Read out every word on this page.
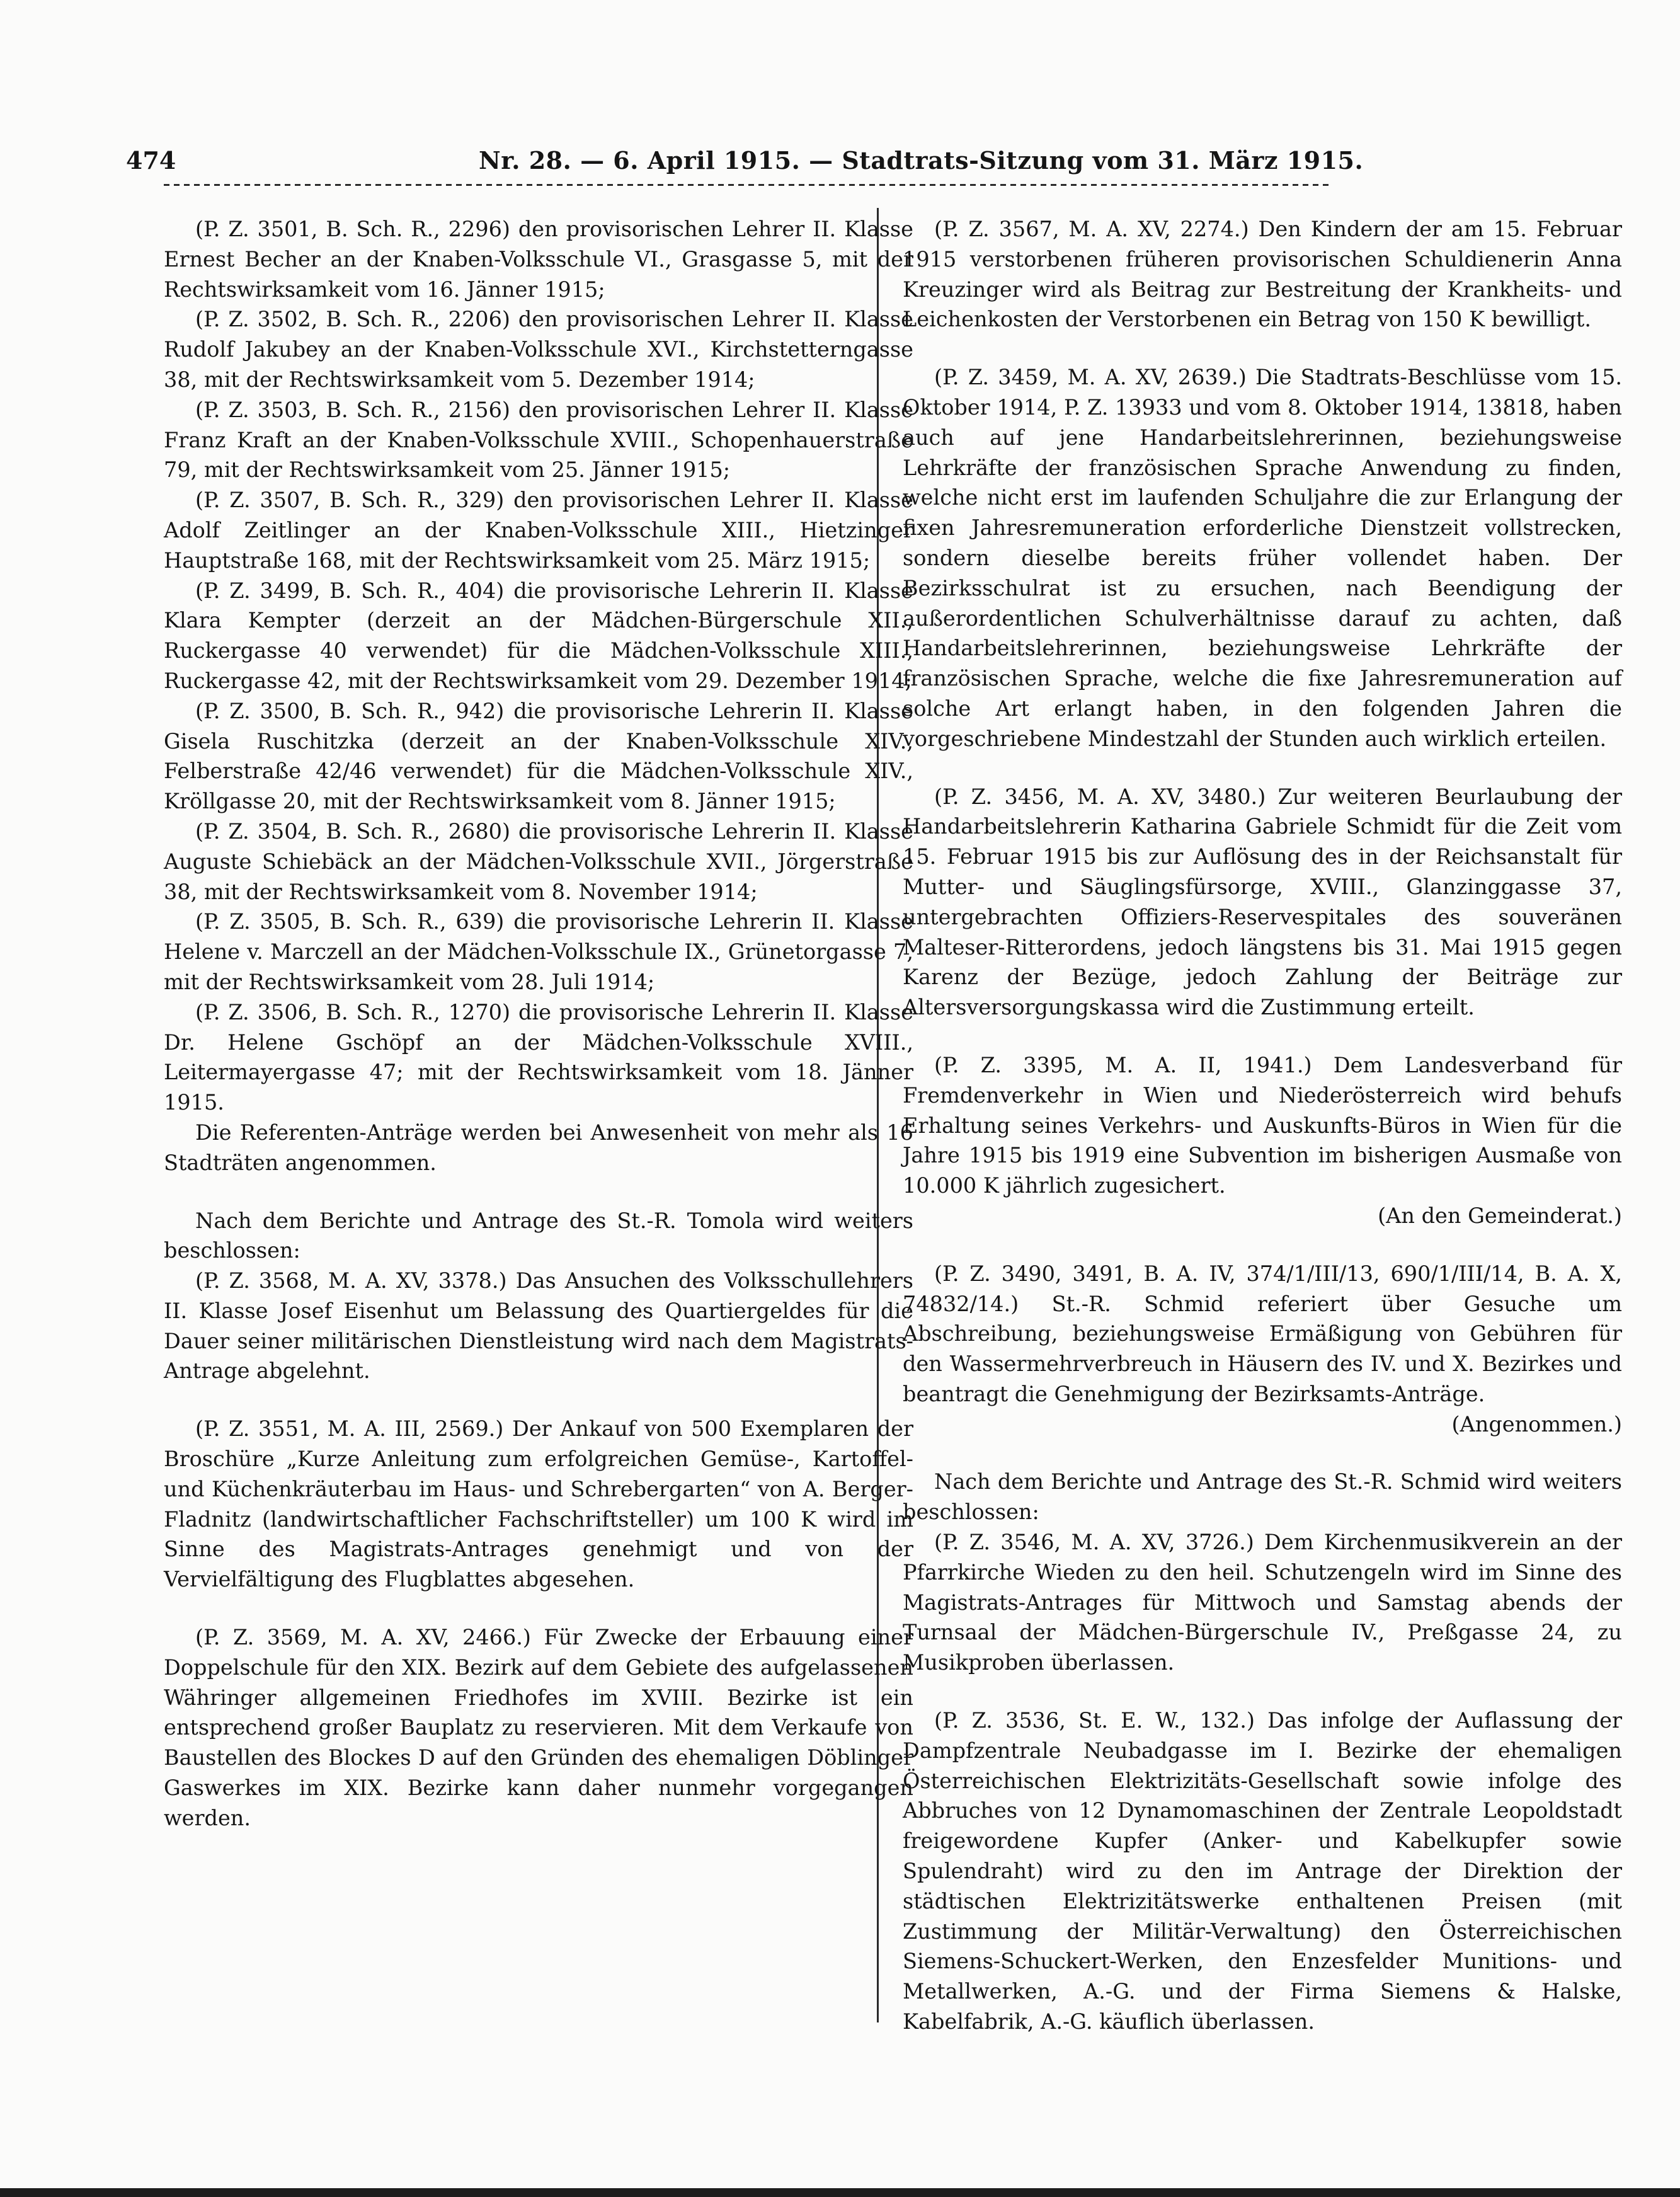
474	Nr. 28. — 6. April 1915. — Stadtrats-Sitzung vom 31. März 1915.

(P. Z. 3501, B. Sch. R., 2296) den provisorischen Lehrer II. Klasse Ernest Becher an der Knaben-Volksschule VI., Grasgasse 5, mit der Rechtswirksamkeit vom 16. Jänner 1915;

(P. Z. 3502, B. Sch. R., 2206) den provisorischen Lehrer II. Klasse Rudolf Jakubey an der Knaben-Volksschule XVI., Kirchstetterngasse 38, mit der Rechtswirksamkeit vom 5. Dezember 1914;

(P. Z. 3503, B. Sch. R., 2156) den provisorischen Lehrer II. Klasse Franz Kraft an der Knaben-Volksschule XVIII., Schopenhauerstraße 79, mit der Rechtswirksamkeit vom 25. Jänner 1915;

(P. Z. 3507, B. Sch. R., 329) den provisorischen Lehrer II. Klasse Adolf Zeitlinger an der Knaben-Volksschule XIII., Hietzinger Hauptstraße 168, mit der Rechtswirksamkeit vom 25. März 1915;

(P. Z. 3499, B. Sch. R., 404) die provisorische Lehrerin II. Klasse Klara Kempter (derzeit an der Mädchen-Bürgerschule XII., Ruckergasse 40 verwendet) für die Mädchen-Volksschule XIII., Ruckergasse 42, mit der Rechtswirksamkeit vom 29. Dezember 1914;

(P. Z. 3500, B. Sch. R., 942) die provisorische Lehrerin II. Klasse Gisela Ruschitzka (derzeit an der Knaben-Volksschule XIV., Felberstraße 42/46 verwendet) für die Mädchen-Volksschule XIV., Kröllgasse 20, mit der Rechtswirksamkeit vom 8. Jänner 1915;

(P. Z. 3504, B. Sch. R., 2680) die provisorische Lehrerin II. Klasse Auguste Schiebäck an der Mädchen-Volksschule XVII., Jörgerstraße 38, mit der Rechtswirksamkeit vom 8. November 1914;

(P. Z. 3505, B. Sch. R., 639) die provisorische Lehrerin II. Klasse Helene v. Marczell an der Mädchen-Volksschule IX., Grünetorgasse 7, mit der Rechtswirksamkeit vom 28. Juli 1914;

(P. Z. 3506, B. Sch. R., 1270) die provisorische Lehrerin II. Klasse Dr. Helene Gschöpf an der Mädchen-Volksschule XVIII., Leitermayergasse 47; mit der Rechtswirksamkeit vom 18. Jänner 1915.

Die Referenten-Anträge werden bei Anwesenheit von mehr als 16 Stadträten angenommen.

Nach dem Berichte und Antrage des St.-R. Tomola wird weiters beschlossen:

(P. Z. 3568, M. A. XV, 3378.) Das Ansuchen des Volksschullehrers II. Klasse Josef Eisenhut um Belassung des Quartiergeldes für die Dauer seiner militärischen Dienstleistung wird nach dem Magistrats-Antrage abgelehnt.

(P. Z. 3551, M. A. III, 2569.) Der Ankauf von 500 Exemplaren der Broschüre „Kurze Anleitung zum erfolgreichen Gemüse-, Kartoffel- und Küchenkräuterbau im Haus- und Schrebergarten“ von A. Berger-Fladnitz (landwirtschaftlicher Fachschriftsteller) um 100 K wird im Sinne des Magistrats-Antrages genehmigt und von der Vervielfältigung des Flugblattes abgesehen.

(P. Z. 3569, M. A. XV, 2466.) Für Zwecke der Erbauung einer Doppelschule für den XIX. Bezirk auf dem Gebiete des aufgelassenen Währinger allgemeinen Friedhofes im XVIII. Bezirke ist ein entsprechend großer Bauplatz zu reservieren. Mit dem Verkaufe von Baustellen des Blockes D auf den Gründen des ehemaligen Döblinger Gaswerkes im XIX. Bezirke kann daher nunmehr vorgegangen werden.

(P. Z. 3567, M. A. XV, 2274.) Den Kindern der am 15. Februar 1915 verstorbenen früheren provisorischen Schuldienerin Anna Kreuzinger wird als Beitrag zur Bestreitung der Krankheits- und Leichenkosten der Verstorbenen ein Betrag von 150 K bewilligt.

(P. Z. 3459, M. A. XV, 2639.) Die Stadtrats-Beschlüsse vom 15. Oktober 1914, P. Z. 13933 und vom 8. Oktober 1914, 13818, haben auch auf jene Handarbeitslehrerinnen, beziehungsweise Lehrkräfte der französischen Sprache Anwendung zu finden, welche nicht erst im laufenden Schuljahre die zur Erlangung der fixen Jahresremuneration erforderliche Dienstzeit vollstrecken, sondern dieselbe bereits früher vollendet haben. Der Bezirksschulrat ist zu ersuchen, nach Beendigung der außerordentlichen Schulverhältnisse darauf zu achten, daß Handarbeitslehrerinnen, beziehungsweise Lehrkräfte der französischen Sprache, welche die fixe Jahresremuneration auf solche Art erlangt haben, in den folgenden Jahren die vorgeschriebene Mindestzahl der Stunden auch wirklich erteilen.

(P. Z. 3456, M. A. XV, 3480.) Zur weiteren Beurlaubung der Handarbeitslehrerin Katharina Gabriele Schmidt für die Zeit vom 15. Februar 1915 bis zur Auflösung des in der Reichsanstalt für Mutter- und Säuglingsfürsorge, XVIII., Glanzinggasse 37, untergebrachten Offiziers-Reservespitales des souveränen Malteser-Ritterordens, jedoch längstens bis 31. Mai 1915 gegen Karenz der Bezüge, jedoch Zahlung der Beiträge zur Altersversorgungskassa wird die Zustimmung erteilt.

(P. Z. 3395, M. A. II, 1941.) Dem Landesverband für Fremdenverkehr in Wien und Niederösterreich wird behufs Erhaltung seines Verkehrs- und Auskunfts-Büros in Wien für die Jahre 1915 bis 1919 eine Subvention im bisherigen Ausmaße von 10.000 K jährlich zugesichert.

(An den Gemeinderat.)

(P. Z. 3490, 3491, B. A. IV, 374/1/III/13, 690/1/III/14, B. A. X, 74832/14.) St.-R. Schmid referiert über Gesuche um Abschreibung, beziehungsweise Ermäßigung von Gebühren für den Wassermehrverbreuch in Häusern des IV. und X. Bezirkes und beantragt die Genehmigung der Bezirksamts-Anträge.

(Angenommen.)

Nach dem Berichte und Antrage des St.-R. Schmid wird weiters beschlossen:

(P. Z. 3546, M. A. XV, 3726.) Dem Kirchenmusikverein an der Pfarrkirche Wieden zu den heil. Schutzengeln wird im Sinne des Magistrats-Antrages für Mittwoch und Samstag abends der Turnsaal der Mädchen-Bürgerschule IV., Preßgasse 24, zu Musikproben überlassen.

(P. Z. 3536, St. E. W., 132.) Das infolge der Auflassung der Dampfzentrale Neubadgasse im I. Bezirke der ehemaligen Österreichischen Elektrizitäts-Gesellschaft sowie infolge des Abbruches von 12 Dynamomaschinen der Zentrale Leopoldstadt freigewordene Kupfer (Anker- und Kabelkupfer sowie Spulendraht) wird zu den im Antrage der Direktion der städtischen Elektrizitätswerke enthaltenen Preisen (mit Zustimmung der Militär-Verwaltung) den Österreichischen Siemens-Schuckert-Werken, den Enzesfelder Munitions- und Metallwerken, A.-G. und der Firma Siemens & Halske, Kabelfabrik, A.-G. käuflich überlassen.
